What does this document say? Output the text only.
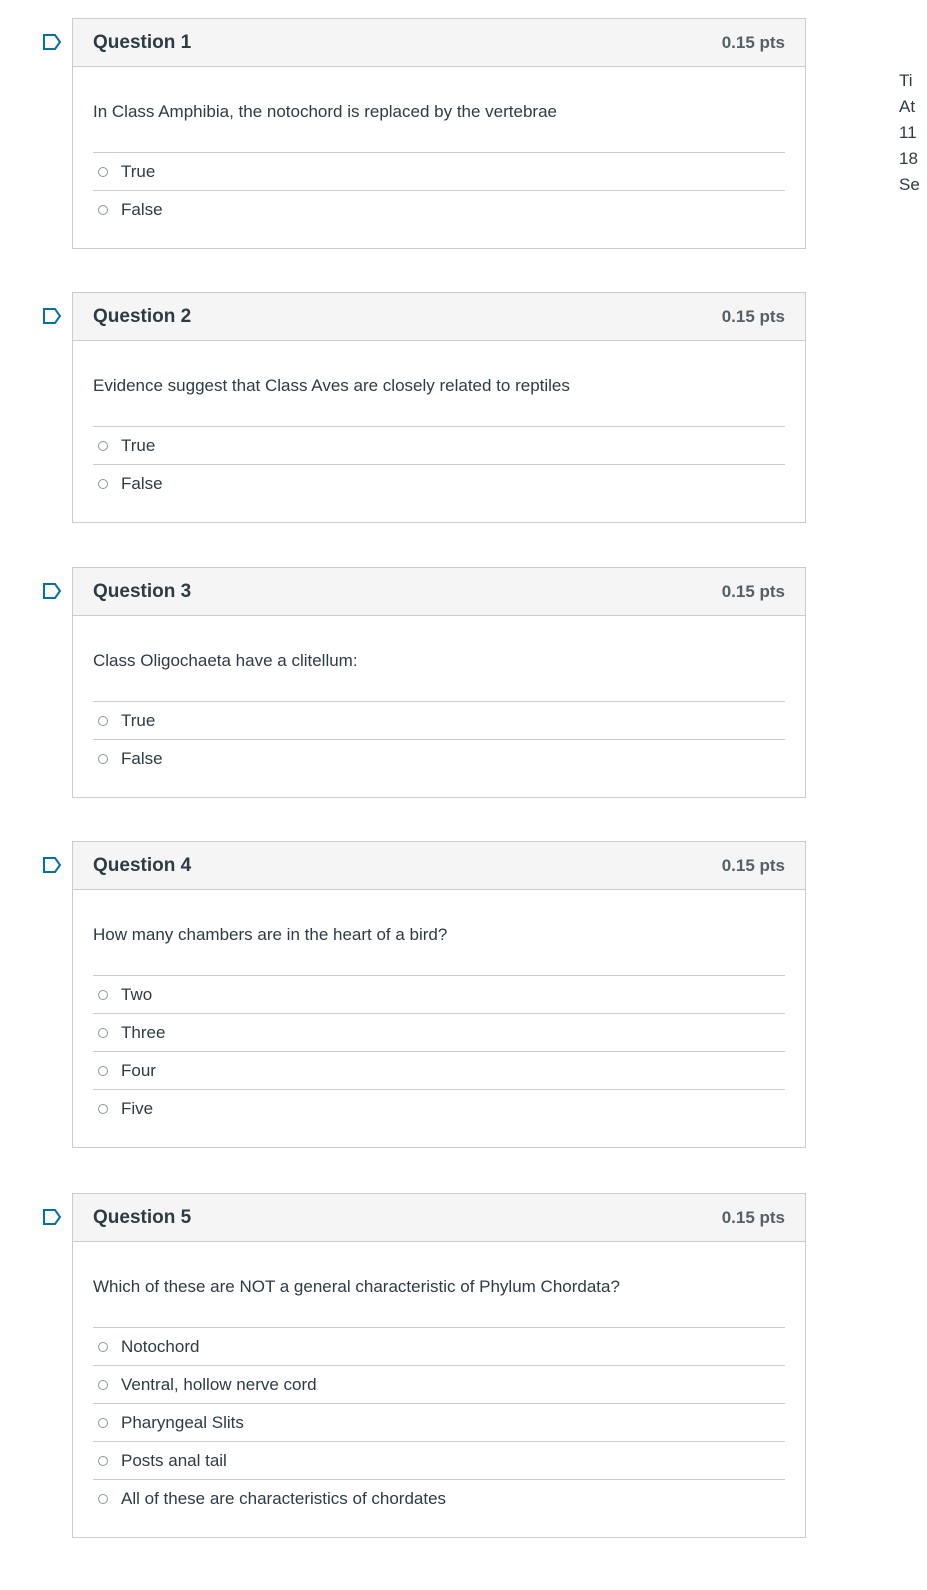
Question 1	0.15 pts

In Class Amphibia, the notochord is replaced by the vertebrae

True
False
Question 2	0.15 pts

Evidence suggest that Class Aves are closely related to reptiles

True
False
Question 3	0.15 pts

Class Oligochaeta have a clitellum:

True
False
Question 4	0.15 pts

How many chambers are in the heart of a bird?

Two
Three
Four
Five
Question 5	0.15 pts

Which of these are NOT a general characteristic of Phylum Chordata?

Notochord
Ventral, hollow nerve cord
Pharyngeal Slits
Posts anal tail
All of these are characteristics of chordates
Ti
At
11
18
Se
